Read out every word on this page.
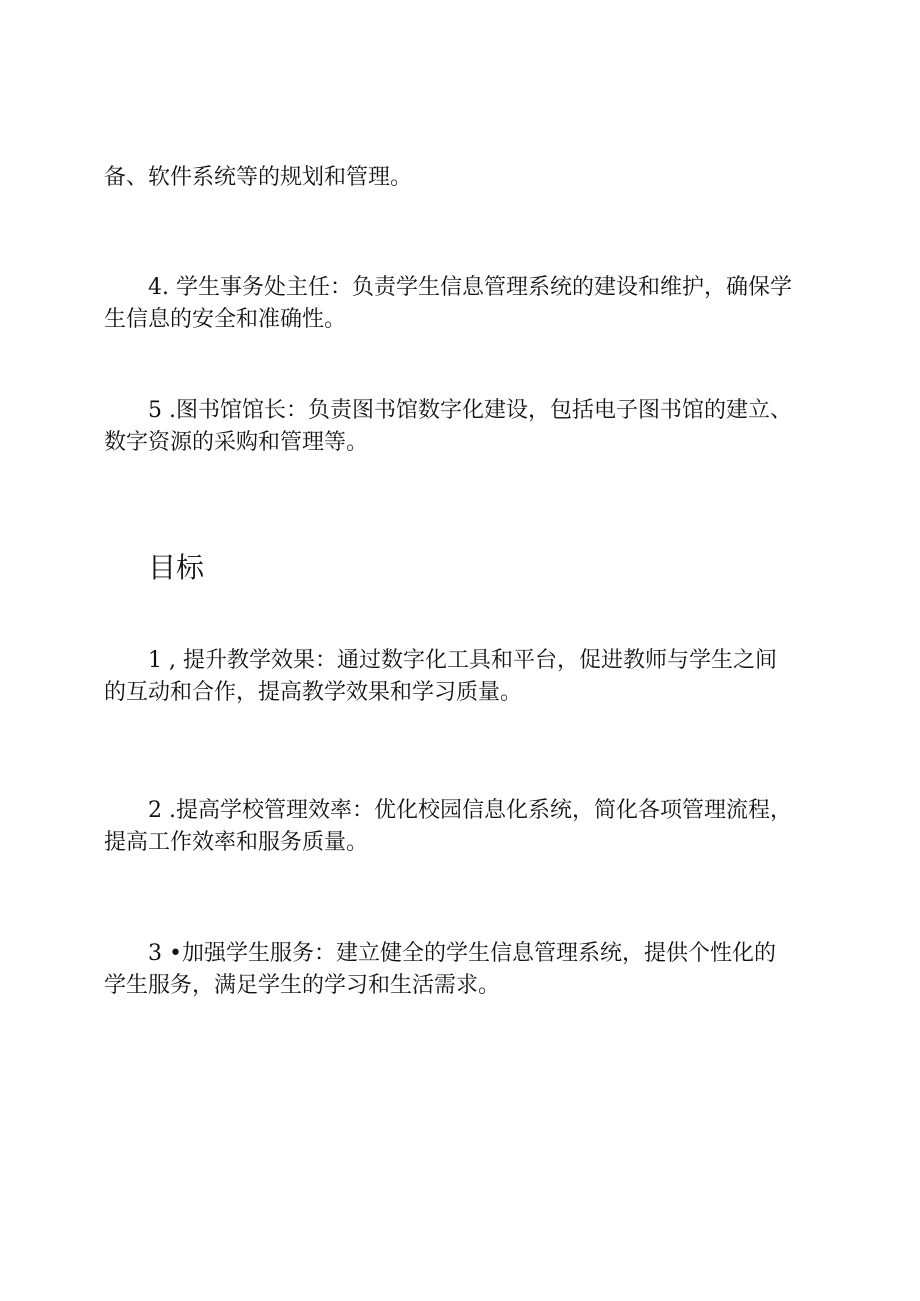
备、软件系统等的规划和管理。

4. 学生事务处主任：负责学生信息管理系统的建设和维护，确保学
生信息的安全和准确性。

5 .图书馆馆长：负责图书馆数字化建设，包括电子图书馆的建立、
数字资源的采购和管理等。

目标

1 , 提升教学效果：通过数字化工具和平台，促进教师与学生之间
的互动和合作，提高教学效果和学习质量。

2 .提高学校管理效率：优化校园信息化系统，简化各项管理流程，
提高工作效率和服务质量。

3 •加强学生服务：建立健全的学生信息管理系统，提供个性化的
学生服务，满足学生的学习和生活需求。
